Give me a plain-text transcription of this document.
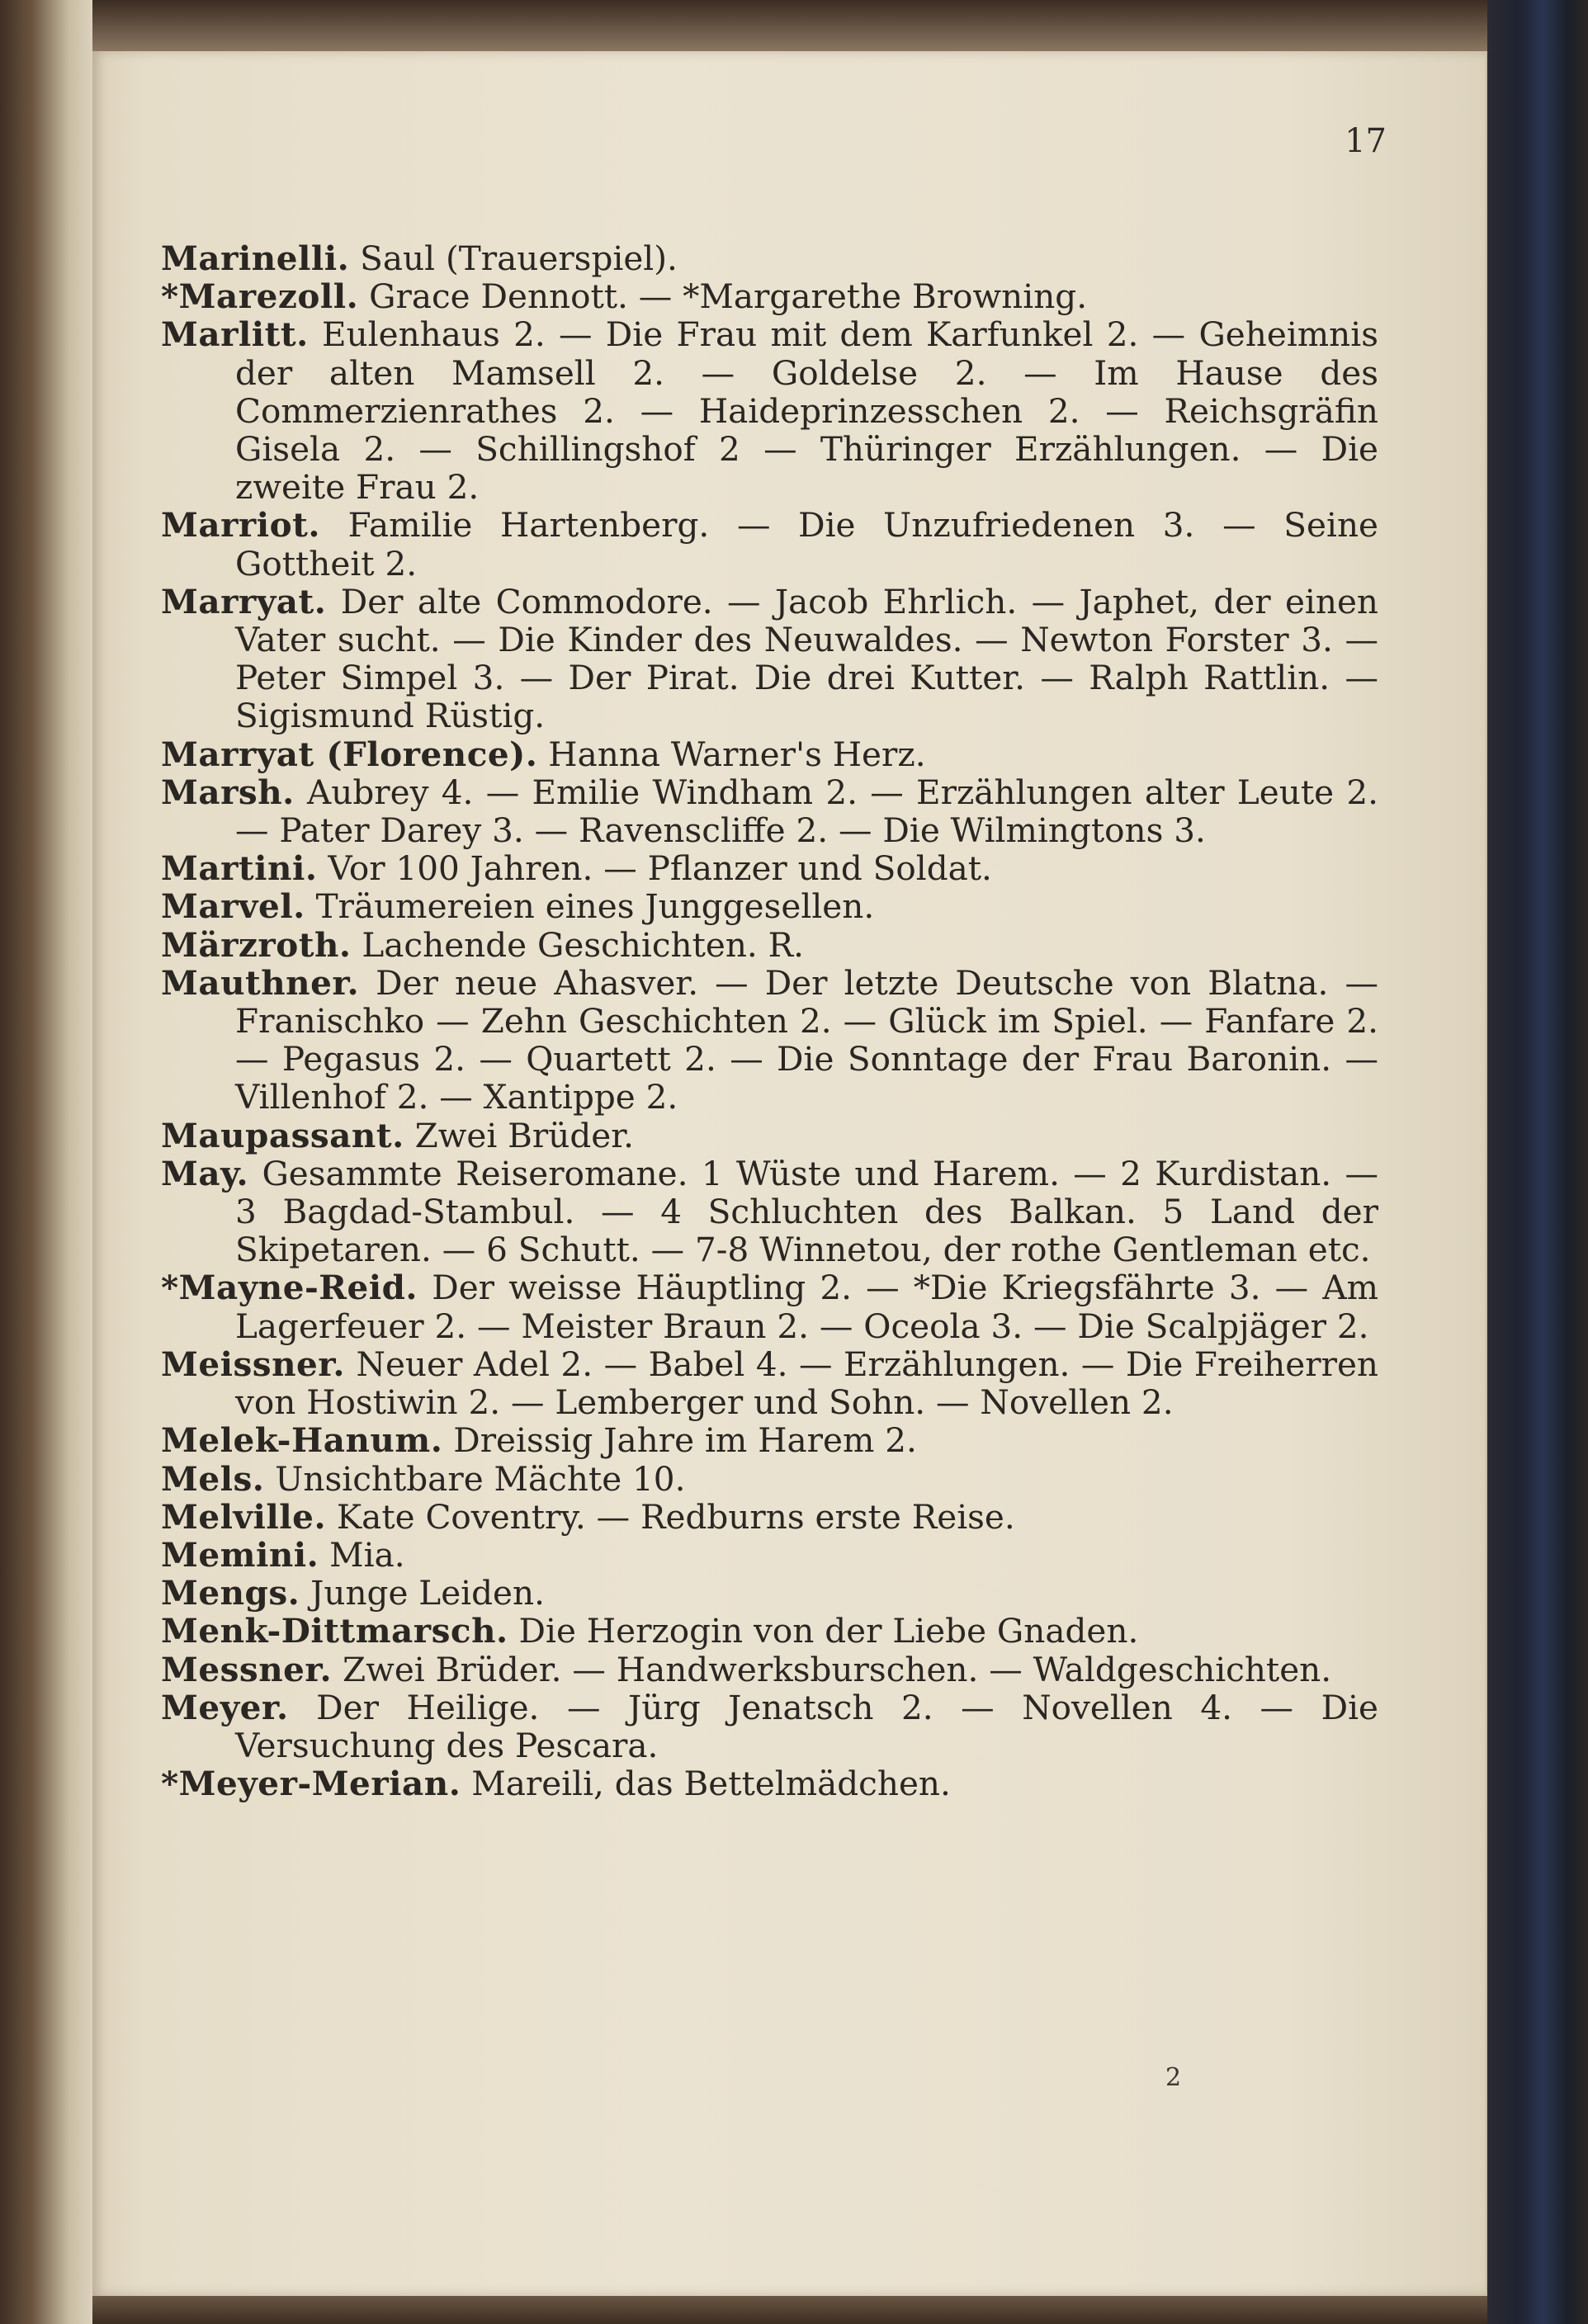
17
Marinelli. Saul (Trauerspiel).
*Marezoll. Grace Dennott. — *Margarethe Browning.
Marlitt. Eulenhaus 2. — Die Frau mit dem Karfunkel 2. — Geheimnis der alten Mamsell 2. — Goldelse 2. — Im Hause des Commerzienrathes 2. — Haideprinzesschen 2. — Reichsgräfin Gisela 2. — Schillingshof 2 — Thüringer Erzählungen. — Die zweite Frau 2.
Marriot. Familie Hartenberg. — Die Unzufriedenen 3. — Seine Gottheit 2.
Marryat. Der alte Commodore. — Jacob Ehrlich. — Japhet, der einen Vater sucht. — Die Kinder des Neuwaldes. — Newton Forster 3. — Peter Simpel 3. — Der Pirat. Die drei Kutter. — Ralph Rattlin. — Sigismund Rüstig.
Marryat (Florence). Hanna Warner's Herz.
Marsh. Aubrey 4. — Emilie Windham 2. — Erzählungen alter Leute 2. — Pater Darey 3. — Ravenscliffe 2. — Die Wilmingtons 3.
Martini. Vor 100 Jahren. — Pflanzer und Soldat.
Marvel. Träumereien eines Junggesellen.
Märzroth. Lachende Geschichten. R.
Mauthner. Der neue Ahasver. — Der letzte Deutsche von Blatna. — Franischko — Zehn Geschichten 2. — Glück im Spiel. — Fanfare 2. — Pegasus 2. — Quartett 2. — Die Sonntage der Frau Baronin. — Villenhof 2. — Xantippe 2.
Maupassant. Zwei Brüder.
May. Gesammte Reiseromane. 1 Wüste und Harem. — 2 Kurdistan. — 3 Bagdad-Stambul. — 4 Schluchten des Balkan. 5 Land der Skipetaren. — 6 Schutt. — 7-8 Winnetou, der rothe Gentleman etc.
*Mayne-Reid. Der weisse Häuptling 2. — *Die Kriegsfährte 3. — Am Lagerfeuer 2. — Meister Braun 2. — Oceola 3. — Die Scalpjäger 2.
Meissner. Neuer Adel 2. — Babel 4. — Erzählungen. — Die Freiherren von Hostiwin 2. — Lemberger und Sohn. — Novellen 2.
Melek-Hanum. Dreissig Jahre im Harem 2.
Mels. Unsichtbare Mächte 10.
Melville. Kate Coventry. — Redburns erste Reise.
Memini. Mia.
Mengs. Junge Leiden.
Menk-Dittmarsch. Die Herzogin von der Liebe Gnaden.
Messner. Zwei Brüder. — Handwerksburschen. — Waldgeschichten.
Meyer. Der Heilige. — Jürg Jenatsch 2. — Novellen 4. — Die Versuchung des Pescara.
*Meyer-Merian. Mareili, das Bettelmädchen.
2
